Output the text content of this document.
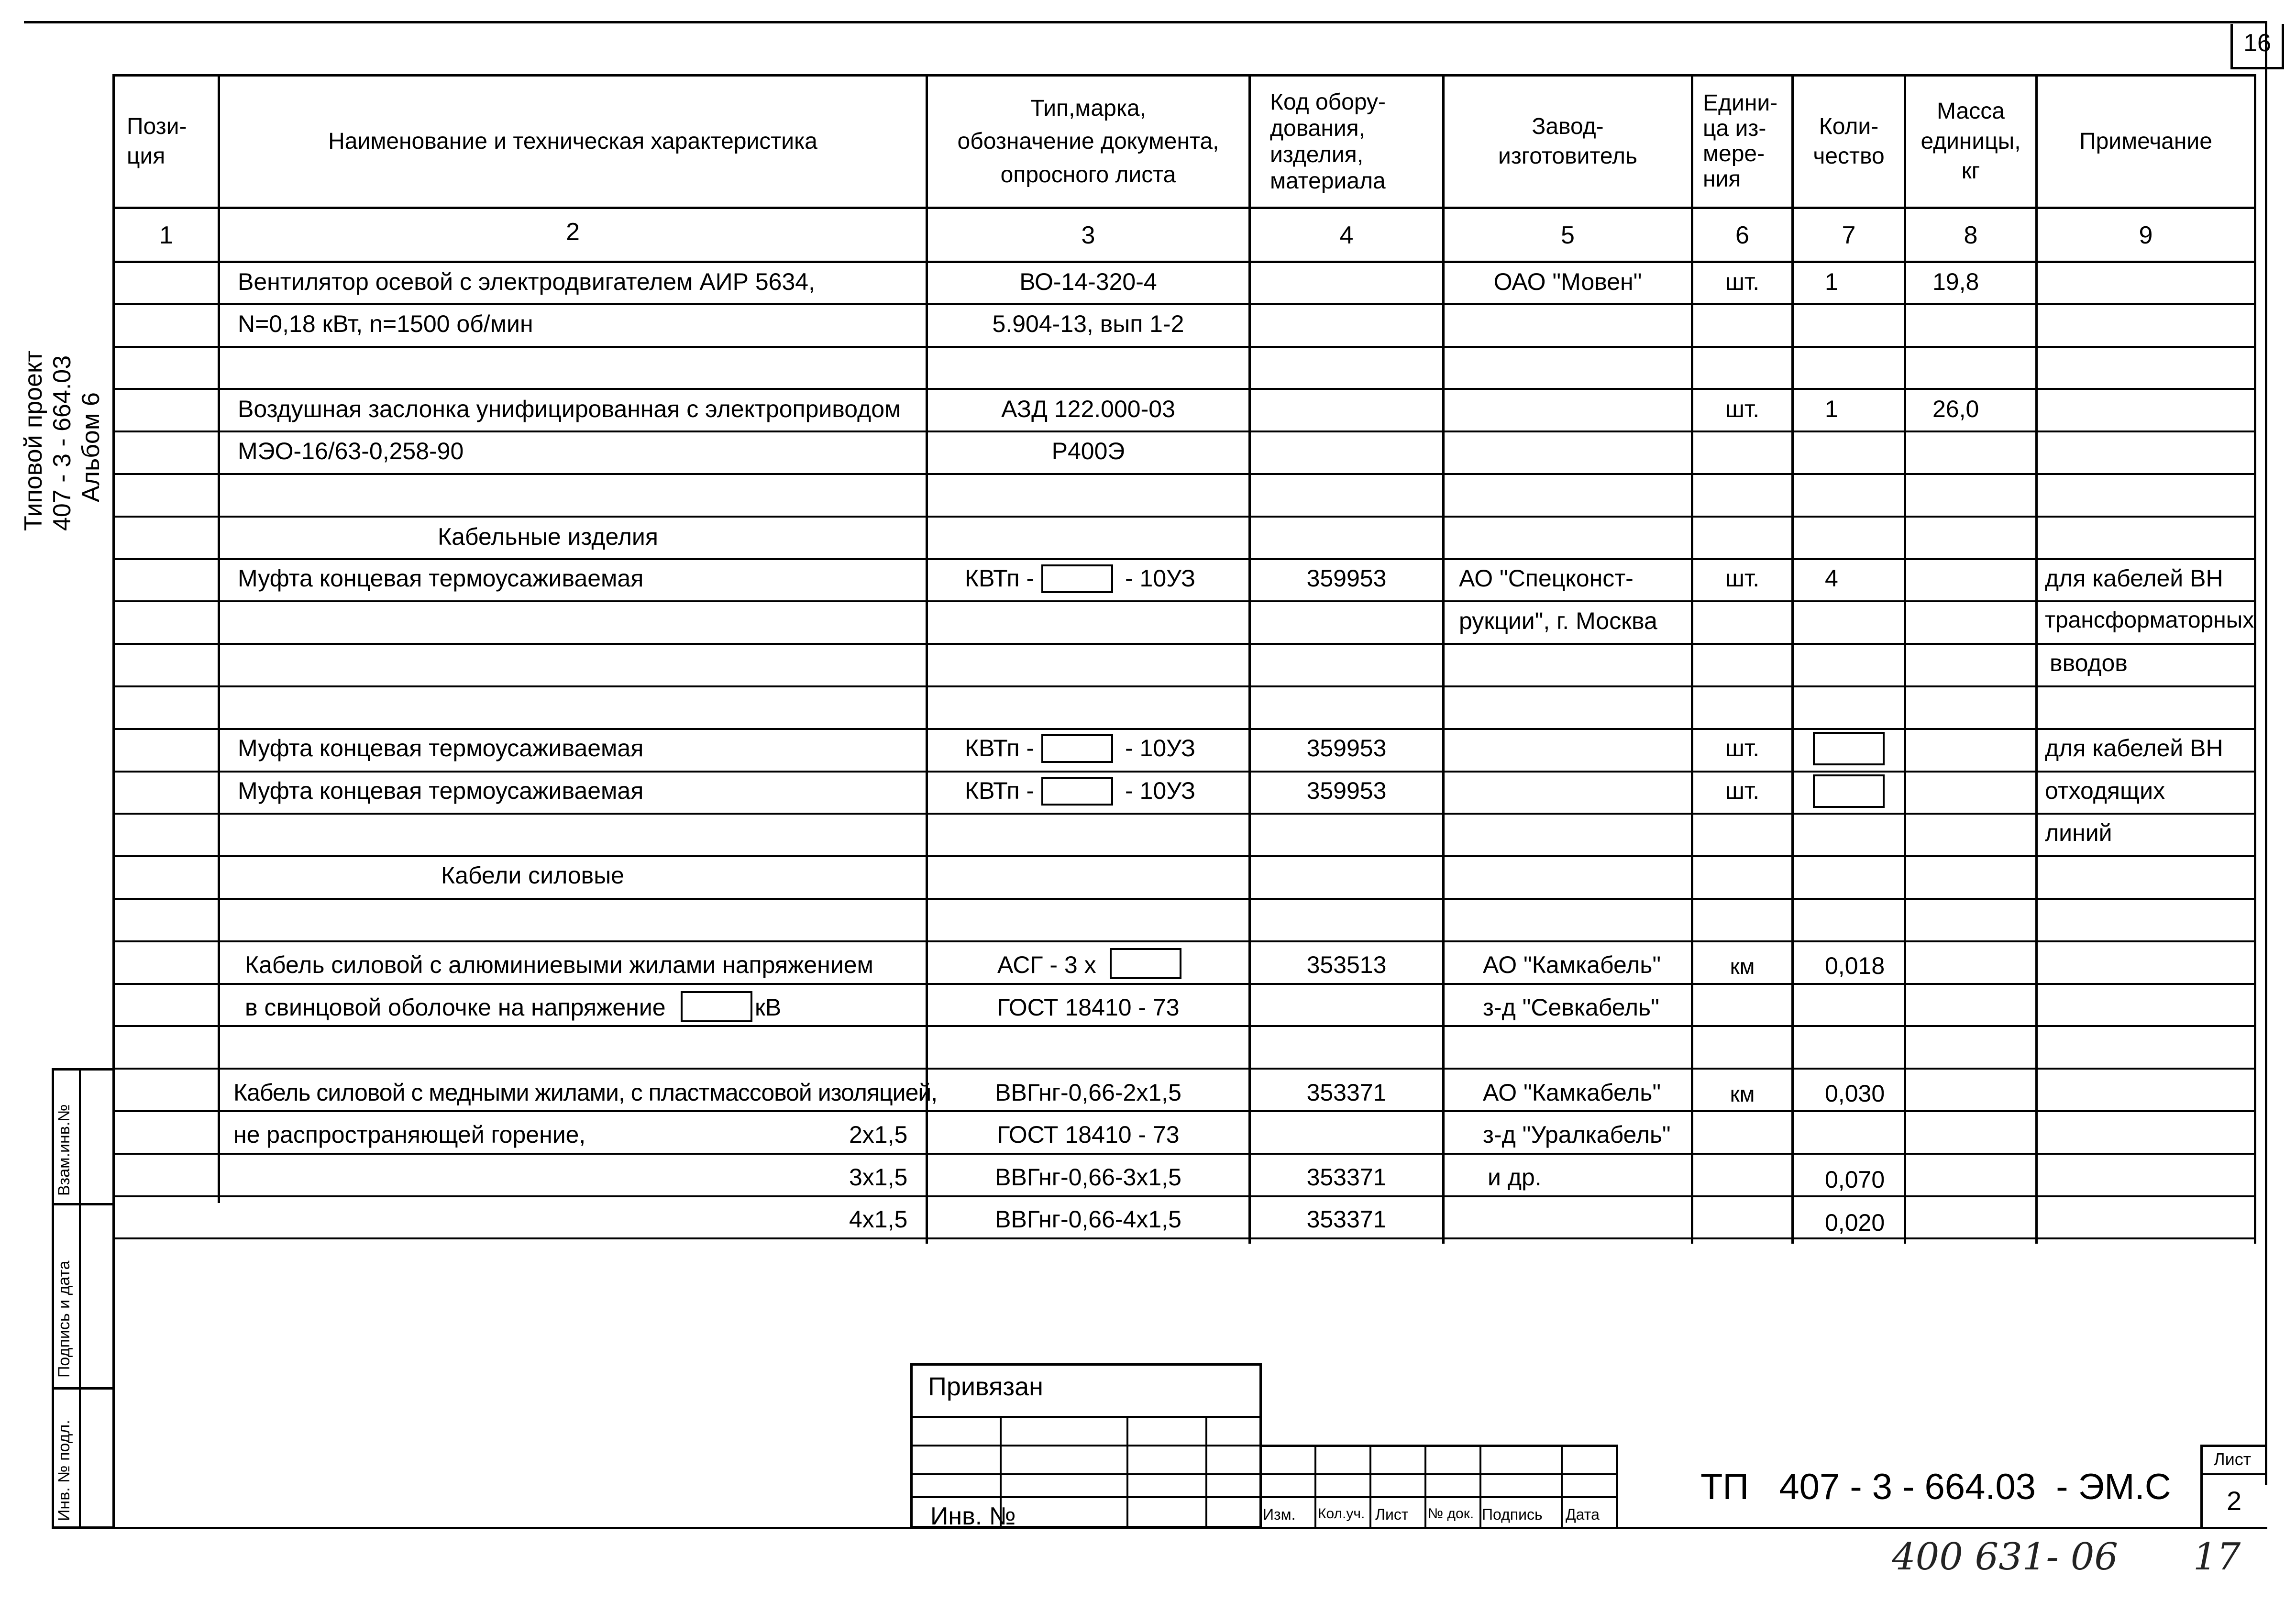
16
Типовой проект 407 - 3 - 664.03 Альбом 6
Взам.инв.№
Подпись и дата
Инв. № подл.
Пози-
ция
Наименование и техническая характеристика
Тип,марка,
обозначение документа,
опросного листа
Код обору-
дования,
изделия,
материала
Завод-
изготовитель
Едини-
ца из-
мере-
ния
Коли-
чество
Масса
единицы,
кг
Примечание
1	2	3	4	5	6	7	8	9
Вентилятор осевой с электродвигателем АИР 5634,	ВО-14-320-4	ОАО "Мовен"	шт.	1	19,8
N=0,18 кВт, n=1500 об/мин	5.904-13, вып 1-2
Воздушная заслонка унифицированная с электроприводом	АЗД 122.000-03	шт.	1	26,0
МЭО-16/63-0,258-90	Р400Э
Кабельные изделия
Муфта концевая термоусаживаемая	КВТп -	- 10УЗ	359953	АО "Спецконст-	шт.	4	для кабелей ВН
рукции", г. Москва	трансформаторных
вводов
Муфта концевая термоусаживаемая	КВТп -	- 10УЗ	359953	шт.	для кабелей ВН
Муфта концевая термоусаживаемая	КВТп -	- 10УЗ	359953	шт.	отходящих
линий
Кабели силовые
Кабель силовой с алюминиевыми жилами напряжением	АСГ - 3 х	353513	АО "Камкабель"	км	0,018
в свинцовой оболочке на напряжение	кВ	ГОСТ 18410 - 73	з-д "Севкабель"
Кабель силовой с медными жилами, с пластмассовой изоляцией,	ВВГнг-0,66-2х1,5	353371	АО "Камкабель"	км	0,030
не распространяющей горение,	2х1,5	ГОСТ 18410 - 73	з-д "Уралкабель"
3х1,5	ВВГнг-0,66-3х1,5	353371	и др.	0,070
4х1,5	ВВГнг-0,66-4х1,5	353371	0,020
Привязан
Инв. №	Изм. Кол.уч. Лист № док. Подпись Дата
ТП   407 - 3 - 664.03  - ЭМ.С
Лист
2
400 631- 06 17
